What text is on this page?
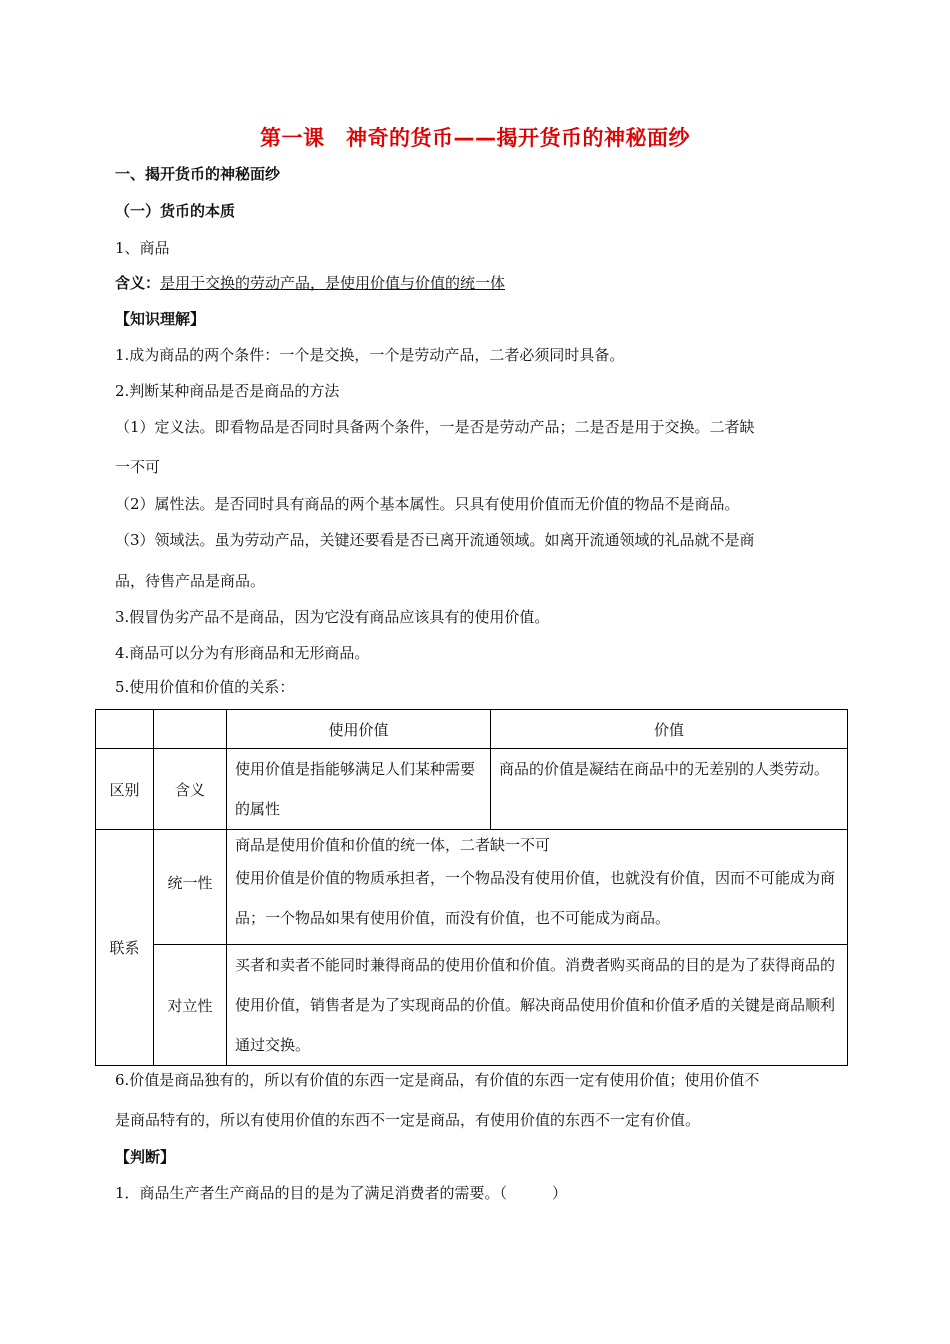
第一课　神奇的货币——揭开货币的神秘面纱
一、揭开货币的神秘面纱
（一）货币的本质
1、商品
含义：是用于交换的劳动产品，是使用价值与价值的统一体
【知识理解】
1.成为商品的两个条件：一个是交换，一个是劳动产品，二者必须同时具备。
2.判断某种商品是否是商品的方法
（1）定义法。即看物品是否同时具备两个条件，一是否是劳动产品；二是否是用于交换。二者缺
一不可
（2）属性法。是否同时具有商品的两个基本属性。只具有使用价值而无价值的物品不是商品。
（3）领域法。虽为劳动产品，关键还要看是否已离开流通领域。如离开流通领域的礼品就不是商
品，待售产品是商品。
3.假冒伪劣产品不是商品，因为它没有商品应该具有的使用价值。
4.商品可以分为有形商品和无形商品。
5.使用价值和价值的关系：
		使用价值	价值
区别	含义	使用价值是指能够满足人们某种需要的属性	商品的价值是凝结在商品中的无差别的人类劳动。
联系	统一性	商品是使用价值和价值的统一体，二者缺一不可
使用价值是价值的物质承担者，一个物品没有使用价值，也就没有价值，因而不可能成为商品；一个物品如果有使用价值，而没有价值，也不可能成为商品。	

	对立性	买者和卖者不能同时兼得商品的使用价值和价值。消费者购买商品的目的是为了获得商品的使用价值，销售者是为了实现商品的价值。解决商品使用价值和价值矛盾的关键是商品顺利通过交换。	
6.价值是商品独有的，所以有价值的东西一定是商品，有价值的东西一定有使用价值；使用价值不
是商品特有的，所以有使用价值的东西不一定是商品，有使用价值的东西不一定有价值。
【判断】
1．商品生产者生产商品的目的是为了满足消费者的需要。（　　　）
